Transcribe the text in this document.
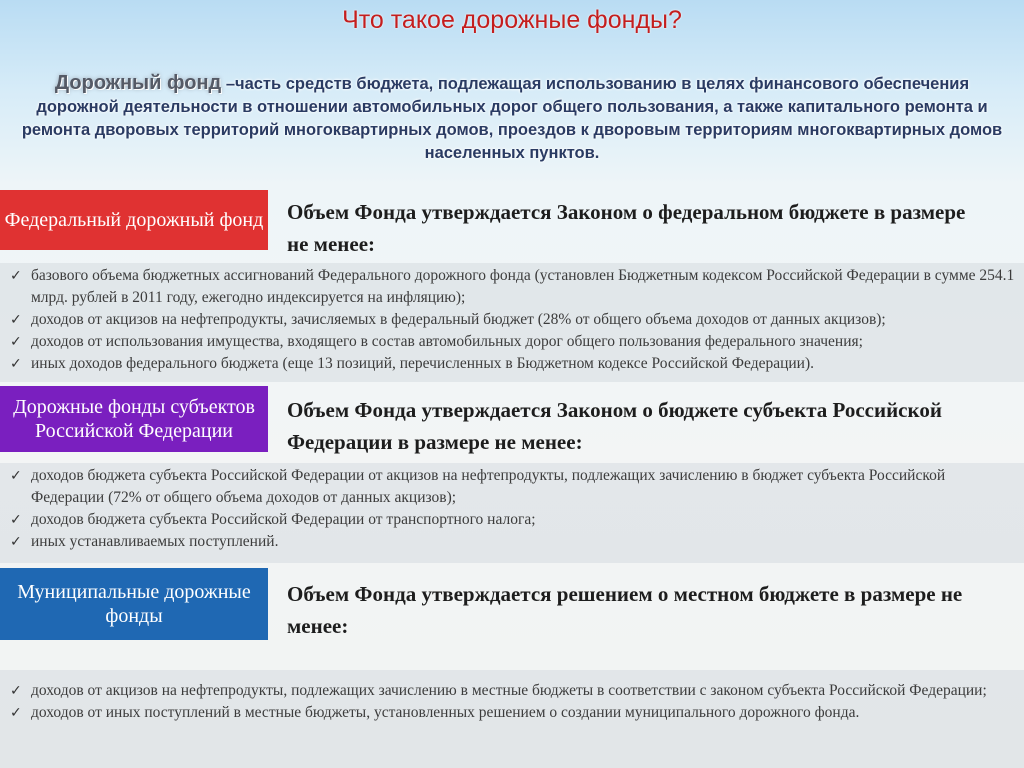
Что такое дорожные фонды?

Дорожный фонд –часть средств бюджета, подлежащая использованию в целях финансового обеспечения дорожной деятельности в отношении автомобильных дорог общего пользования, а также капитального ремонта и ремонта дворовых территорий многоквартирных домов, проездов к дворовым территориям многоквартирных домов населенных пунктов.

Федеральный дорожный фонд Объем Фонда утверждается Законом о федеральном бюджете в размере не менее:
✓ базового объема бюджетных ассигнований Федерального дорожного фонда (установлен Бюджетным кодексом Российской Федерации в сумме 254.1 млрд. рублей в 2011 году, ежегодно индексируется на инфляцию);
✓ доходов от акцизов на нефтепродукты, зачисляемых в федеральный бюджет (28% от общего объема доходов от данных акцизов);
✓ доходов от использования имущества, входящего в состав автомобильных дорог общего пользования федерального значения;
✓ иных доходов федерального бюджета (еще 13 позиций, перечисленных в Бюджетном кодексе Российской Федерации).
Дорожные фонды субъектов Российской Федерации
Объем Фонда утверждается Законом о бюджете субъекта Российской Федерации в размере не менее:
✓ доходов бюджета субъекта Российской Федерации от акцизов на нефтепродукты, подлежащих зачислению в бюджет субъекта Российской Федерации (72% от общего объема доходов от данных акцизов);
✓ доходов бюджета субъекта Российской Федерации от транспортного налога;
✓ иных устанавливаемых поступлений.
Муниципальные дорожные фонды
Объем Фонда утверждается решением о местном бюджете в размере не менее:
✓ доходов от акцизов на нефтепродукты, подлежащих зачислению в местные бюджеты в соответствии с законом субъекта Российской Федерации;
✓ доходов от иных поступлений в местные бюджеты, установленных решением о создании муниципального дорожного фонда.
